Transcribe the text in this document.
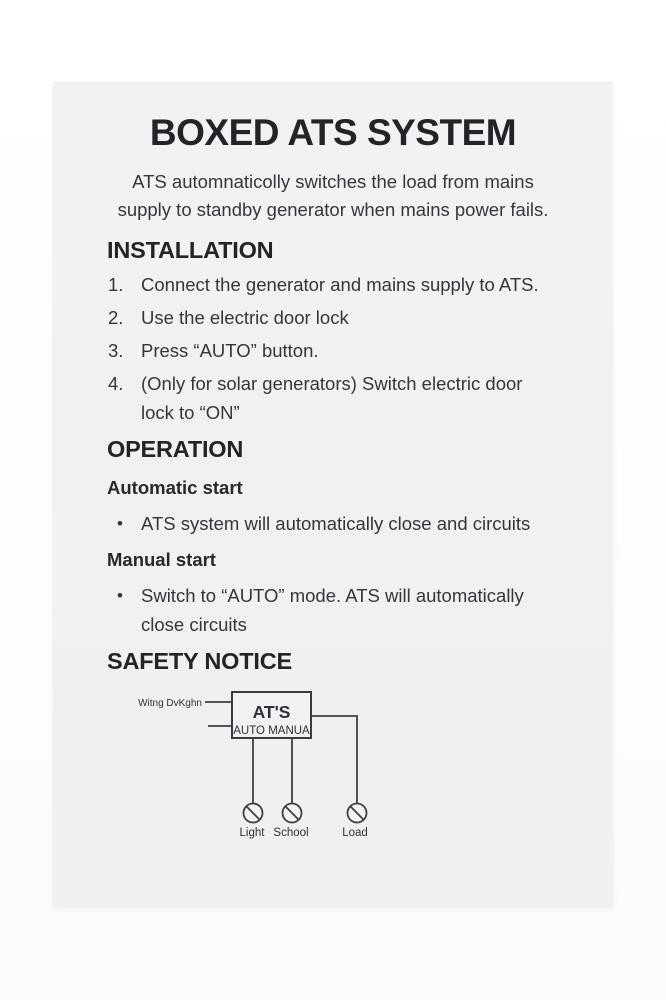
BOXED ATS SYSTEM
ATS automnaticolly switches the load from mains
supply to standby generator when mains power fails.
INSTALLATION
1. Connect the generator and mains supply to ATS.
2. Use the electric door lock
3. Press “AUTO” button.
4. (Only for solar generators) Switch electric door
lock to “ON”
OPERATION
Automatic start
• ATS system will automatically close and circuits
Manual start
• Switch to “AUTO” mode. ATS will automatically
close circuits
SAFETY NOTICE
Witng DvKghn	AT'S
AUTO MANUA
Light School	Load
